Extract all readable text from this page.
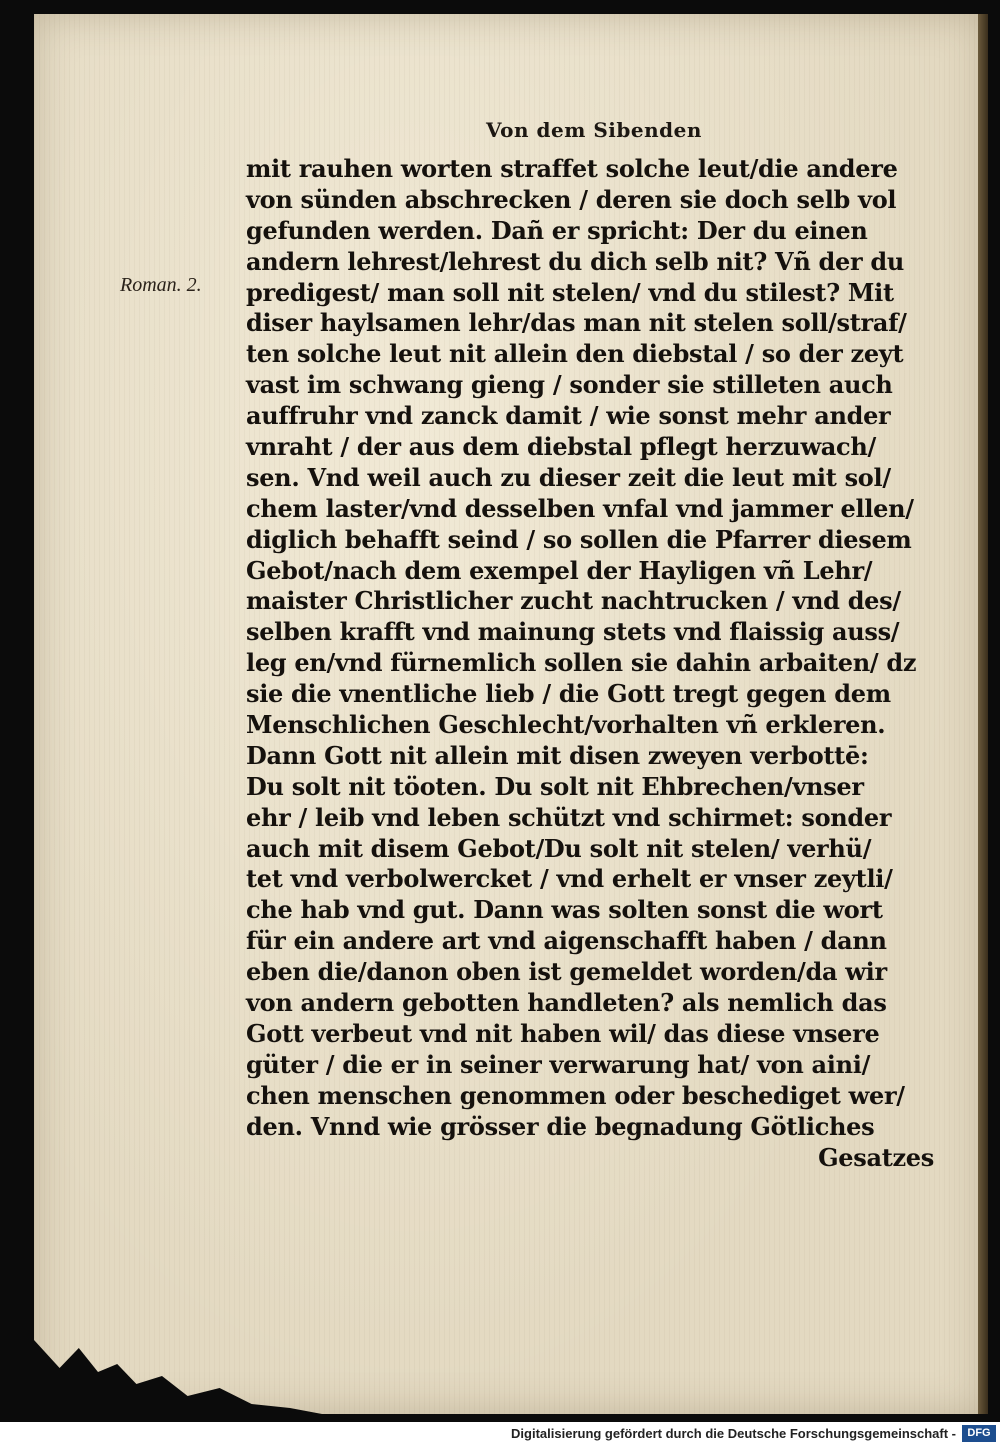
Von dem Sibenden
Roman. 2.
mit rauhen worten straffet solche leut/die andere
von sünden abschrecken / deren sie doch selb vol
gefunden werden. Dañ er spricht: Der du einen
andern lehrest/lehrest du dich selb nit? Vñ der du
predigest/ man soll nit stelen/ vnd du stilest? Mit
diser haylsamen lehr/das man nit stelen soll/straf/
ten solche leut nit allein den diebstal / so der zeyt
vast im schwang gieng / sonder sie stilleten auch
auffruhr vnd zanck damit / wie sonst mehr ander
vnraht / der aus dem diebstal pflegt herzuwach/
sen. Vnd weil auch zu dieser zeit die leut mit sol/
chem laster/vnd desselben vnfal vnd jammer ellen/
diglich behafft seind / so sollen die Pfarrer diesem
Gebot/nach dem exempel der Hayligen vñ Lehr/
maister Christlicher zucht nachtrucken / vnd des/
selben krafft vnd mainung stets vnd flaissig auss/
leg en/vnd fürnemlich sollen sie dahin arbaiten/ dz
sie die vnentliche lieb / die Gott tregt gegen dem
Menschlichen Geschlecht/vorhalten vñ erkleren.
Dann Gott nit allein mit disen zweyen verbottē:
Du solt nit töoten. Du solt nit Ehbrechen/vnser
ehr / leib vnd leben schützt vnd schirmet: sonder
auch mit disem Gebot/Du solt nit stelen/ verhü/
tet vnd verbolwercket / vnd erhelt er vnser zeytli/
che hab vnd gut. Dann was solten sonst die wort
für ein andere art vnd aigenschafft haben / dann
eben die/danon oben ist gemeldet worden/da wir
von andern gebotten handleten? als nemlich das
Gott verbeut vnd nit haben wil/ das diese vnsere
güter / die er in seiner verwarung hat/ von aini/
chen menschen genommen oder beschediget wer/
den. Vnnd wie grösser die begnadung Götliches
Gesatzes
Digitalisierung gefördert durch die Deutsche Forschungsgemeinschaft -	DFG
